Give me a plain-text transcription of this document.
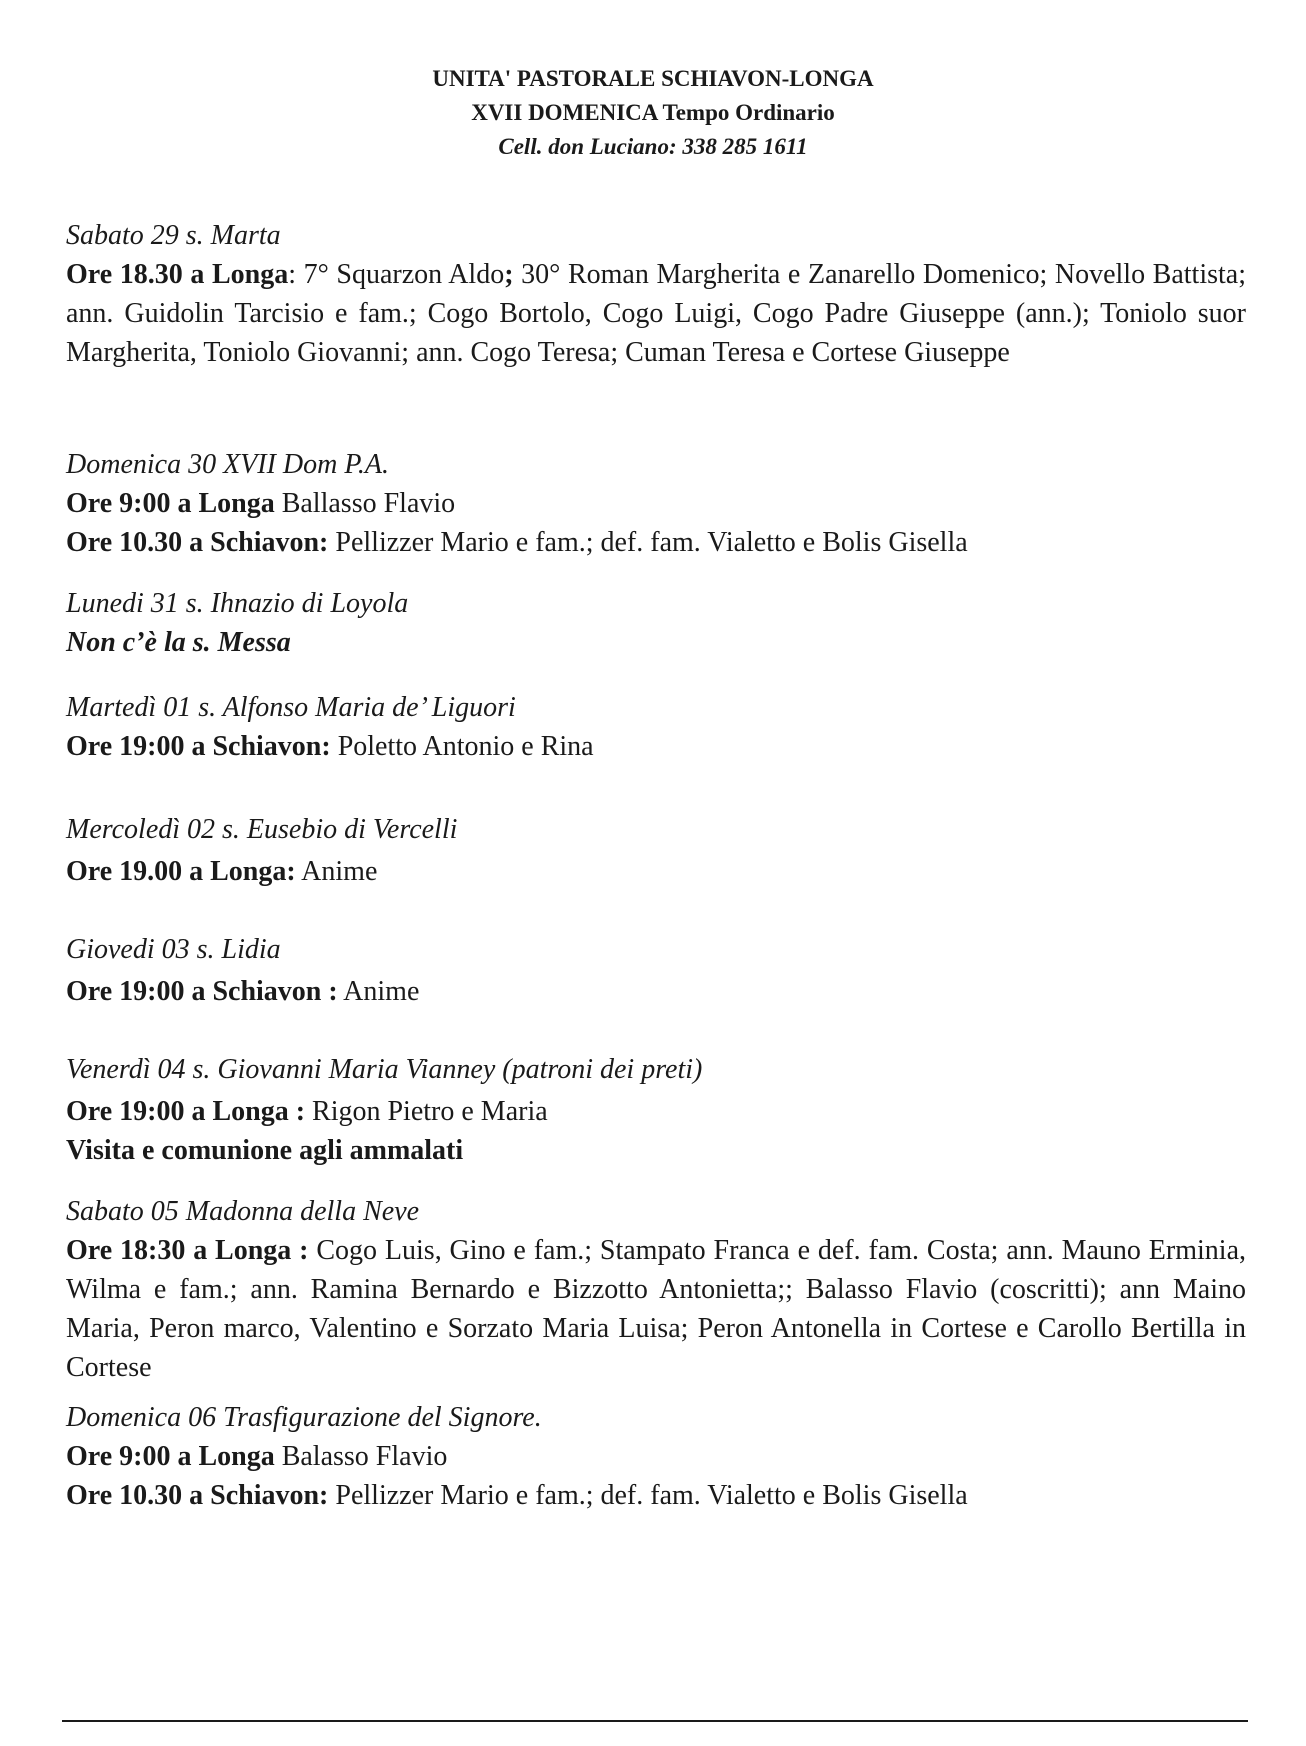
UNITA' PASTORALE SCHIAVON-LONGA
XVII DOMENICA Tempo Ordinario
Cell. don Luciano: 338 285 1611
Sabato 29 s. Marta
Ore 18.30 a Longa: 7° Squarzon Aldo; 30° Roman Margherita e Zanarello Domenico; Novello Battista; ann. Guidolin Tarcisio e fam.; Cogo Bortolo, Cogo Luigi, Cogo Padre Giuseppe (ann.); Toniolo suor Margherita, Toniolo Giovanni; ann. Cogo Teresa; Cuman Teresa e Cortese Giuseppe
Domenica 30 XVII Dom P.A.
Ore 9:00 a Longa Ballasso Flavio
Ore 10.30 a Schiavon: Pellizzer Mario e fam.; def. fam. Vialetto e Bolis Gisella
Lunedi 31 s. Ihnazio di Loyola
Non c’è la s. Messa
Martedì 01 s. Alfonso Maria de’ Liguori
Ore 19:00 a Schiavon: Poletto Antonio e Rina
Mercoledì 02 s. Eusebio di Vercelli
Ore 19.00 a Longa: Anime
Giovedi 03 s. Lidia
Ore 19:00 a Schiavon : Anime
Venerdì 04 s. Giovanni Maria Vianney (patroni dei preti)
Ore 19:00 a Longa : Rigon Pietro e Maria
Visita e comunione agli ammalati
Sabato 05 Madonna della Neve
Ore 18:30 a Longa : Cogo Luis, Gino e fam.; Stampato Franca e def. fam. Costa; ann. Mauno Erminia, Wilma e fam.; ann. Ramina Bernardo e Bizzotto Antonietta;; Balasso Flavio (coscritti); ann Maino Maria, Peron marco, Valentino e Sorzato Maria Luisa; Peron Antonella in Cortese e Carollo Bertilla in Cortese
Domenica 06 Trasfigurazione del Signore.
Ore 9:00 a Longa Balasso Flavio
Ore 10.30 a Schiavon: Pellizzer Mario e fam.; def. fam. Vialetto e Bolis Gisella
